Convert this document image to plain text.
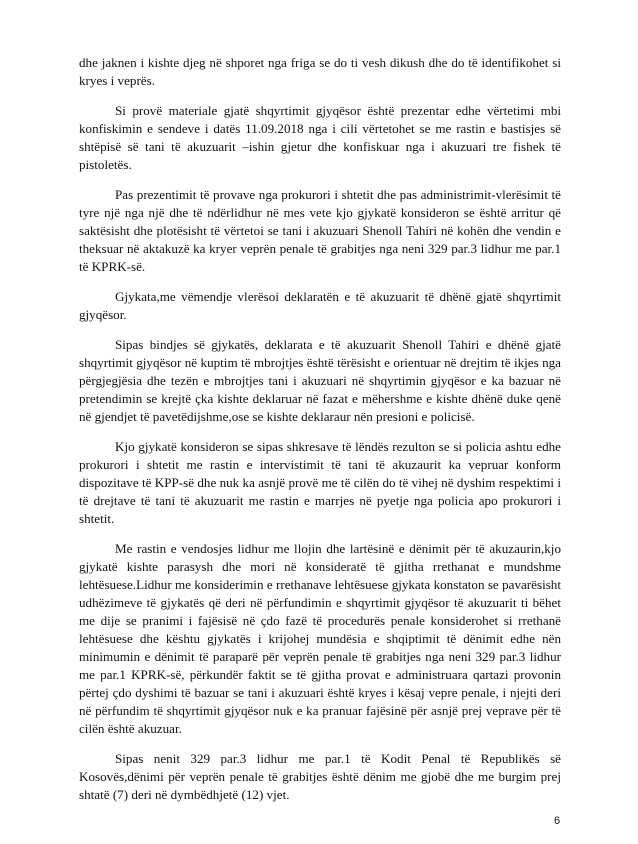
dhe jaknen i kishte djeg në shporet nga friga se do ti vesh dikush dhe do të identifikohet si kryes i veprës.

Si provë materiale gjatë shqyrtimit gjyqësor është prezentar edhe vërtetimi mbi konfiskimin e sendeve i datës 11.09.2018 nga i cili vërtetohet se me rastin e bastisjes së shtëpisë së tani të akuzuarit –ishin gjetur dhe konfiskuar nga i akuzuari tre fishek të pistoletës.

Pas prezentimit të provave nga prokurori i shtetit dhe pas administrimit-vlerësimit të tyre një nga një dhe të ndërlidhur në mes vete kjo gjykatë konsideron se është arritur që saktësisht dhe plotësisht të vërtetoi se tani i akuzuari Shenoll Tahiri në kohën dhe vendin e theksuar në aktakuzë ka kryer veprën penale të grabitjes nga neni 329 par.3 lidhur me par.1 të KPRK-së.

Gjykata,me vëmendje vlerësoi deklaratën e të akuzuarit të dhënë gjatë shqyrtimit gjyqësor.

Sipas bindjes së gjykatës, deklarata e të akuzuarit Shenoll Tahiri e dhënë gjatë shqyrtimit gjyqësor në kuptim të mbrojtjes është tërësisht e orientuar në drejtim të ikjes nga përgjegjësia dhe tezën e mbrojtjes tani i akuzuari në shqyrtimin gjyqësor e ka bazuar në pretendimin se krejtë çka kishte deklaruar në fazat e mëhershme e kishte dhënë duke qenë në gjendjet të pavetëdijshme,ose se kishte deklaraur nën presioni e policisë.

Kjo gjykatë konsideron se sipas shkresave të lëndës rezulton se si policia ashtu edhe prokurori i shtetit me rastin e intervistimit të tani të akuzaurit ka vepruar konform dispozitave të KPP-së dhe nuk ka asnjë provë me të cilën do të vihej në dyshim respektimi i të drejtave të tani të akuzuarit me rastin e marrjes në pyetje nga policia apo prokurori i shtetit.

Me rastin e vendosjes lidhur me llojin dhe lartësinë e dënimit për të akuzaurin,kjo gjykatë kishte parasysh dhe mori në konsideratë të gjitha rrethanat e mundshme lehtësuese.Lidhur me konsiderimin e rrethanave lehtësuese gjykata konstaton se pavarësisht udhëzimeve të gjykatës që deri në përfundimin e shqyrtimit gjyqësor të akuzuarit ti bëhet me dije se pranimi i fajësisë në çdo fazë të procedurës penale konsiderohet si rrethanë lehtësuese dhe kështu gjykatës i krijohej mundësia e shqiptimit të dënimit edhe nën minimumin e dënimit të paraparë për veprën penale të grabitjes nga neni 329 par.3 lidhur me par.1 KPRK-së, përkundër faktit se të gjitha provat e administruara qartazi provonin përtej çdo dyshimi të bazuar se tani i akuzuari është kryes i kësaj vepre penale, i njejti deri në përfundim të shqyrtimit gjyqësor nuk e ka pranuar fajësinë për asnjë prej veprave për të cilën është akuzuar.

Sipas nenit 329 par.3 lidhur me par.1 të Kodit Penal të Republikës së Kosovës,dënimi për veprën penale të grabitjes është dënim me gjobë dhe me burgim prej shtatë (7) deri në dymbëdhjetë (12) vjet.

6
